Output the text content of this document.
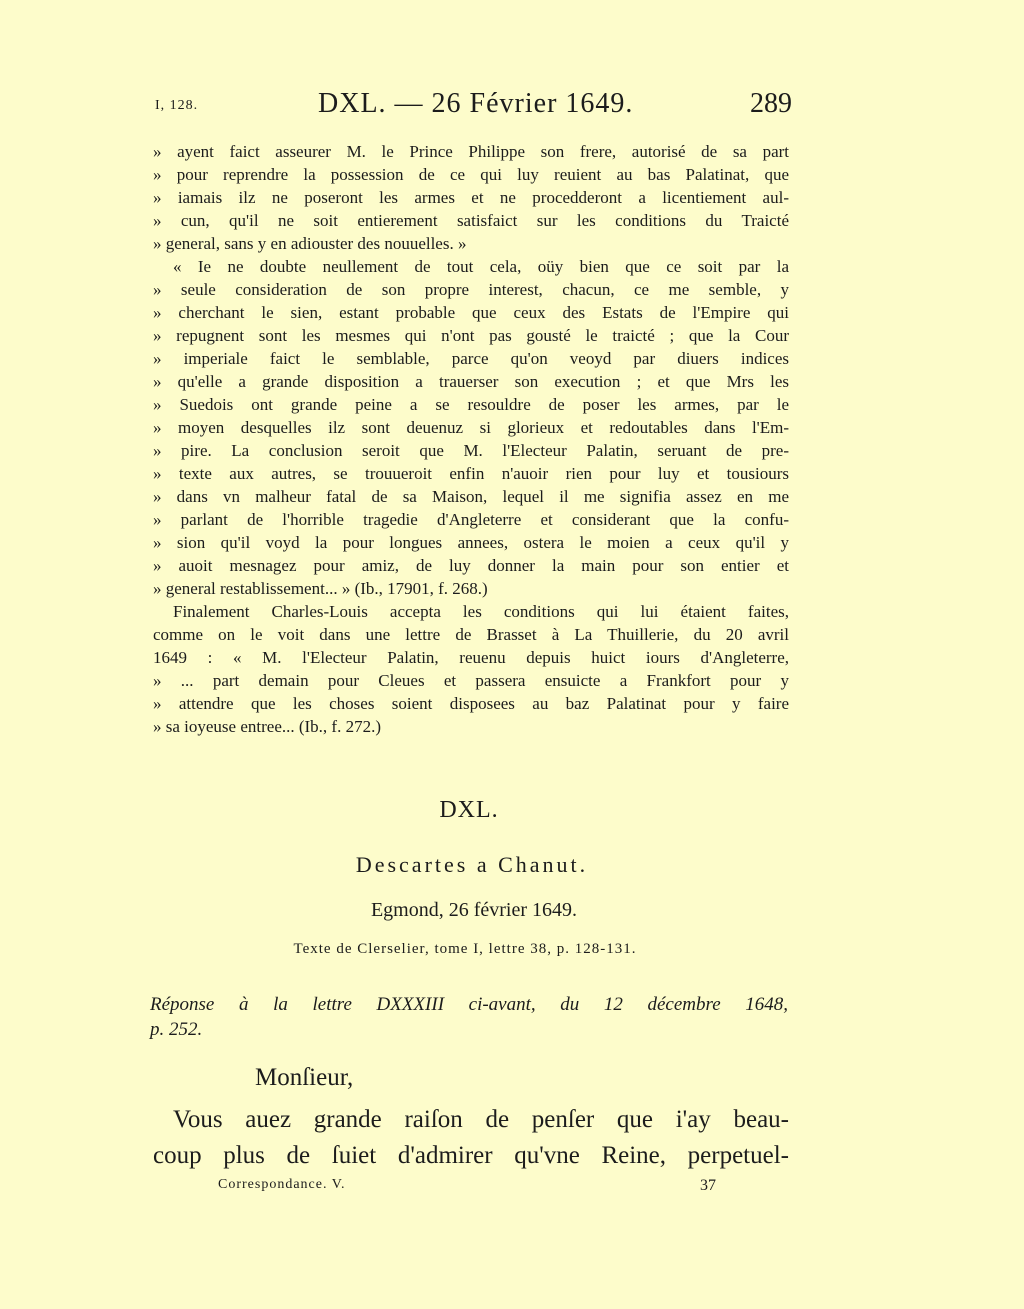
I, 128.	DXL. — 26 Février 1649.	289
» ayent faict asseurer M. le Prince Philippe son frere, autorisé de sa part
» pour reprendre la possession de ce qui luy reuient au bas Palatinat, que
» iamais ilz ne poseront les armes et ne procedderont a licentiement aul-
» cun, qu'il ne soit entierement satisfaict sur les conditions du Traicté
» general, sans y en adiouster des nouuelles. »
« Ie ne doubte neullement de tout cela, oüy bien que ce soit par la
» seule consideration de son propre interest, chacun, ce me semble, y
» cherchant le sien, estant probable que ceux des Estats de l'Empire qui
» repugnent sont les mesmes qui n'ont pas gousté le traicté ; que la Cour
» imperiale faict le semblable, parce qu'on veoyd par diuers indices
» qu'elle a grande disposition a trauerser son execution ; et que Mrs les
» Suedois ont grande peine a se resouldre de poser les armes, par le
» moyen desquelles ilz sont deuenuz si glorieux et redoutables dans l'Em-
» pire. La conclusion seroit que M. l'Electeur Palatin, seruant de pre-
» texte aux autres, se trouueroit enfin n'auoir rien pour luy et tousiours
» dans vn malheur fatal de sa Maison, lequel il me signifia assez en me
» parlant de l'horrible tragedie d'Angleterre et considerant que la confu-
» sion qu'il voyd la pour longues annees, ostera le moien a ceux qu'il y
» auoit mesnagez pour amiz, de luy donner la main pour son entier et
» general restablissement... » (Ib., 17901, f. 268.)
Finalement Charles-Louis accepta les conditions qui lui étaient faites,
comme on le voit dans une lettre de Brasset à La Thuillerie, du 20 avril
1649 : « M. l'Electeur Palatin, reuenu depuis huict iours d'Angleterre,
» ... part demain pour Cleues et passera ensuicte a Frankfort pour y
» attendre que les choses soient disposees au baz Palatinat pour y faire
» sa ioyeuse entree... (Ib., f. 272.)
DXL.
Descartes a Chanut.
Egmond, 26 février 1649.
Texte de Clerselier, tome I, lettre 38, p. 128-131.
Réponse à la lettre DXXXIII ci-avant, du 12 décembre 1648,
p. 252.
Monſieur,
Vous auez grande raiſon de penſer que i'ay beau-
coup plus de ſuiet d'admirer qu'vne Reine, perpetuel-
Correspondance. V.	37
